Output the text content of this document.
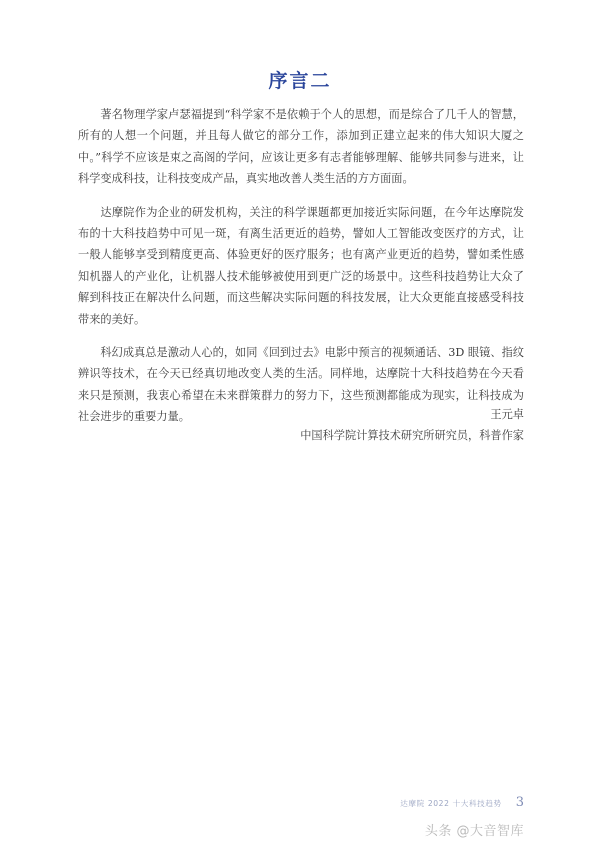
序言二

著名物理学家卢瑟福提到“科学家不是依赖于个人的思想，而是综合了几千人的智慧，所有的人想一个问题，并且每人做它的部分工作，添加到正建立起来的伟大知识大厦之中。”科学不应该是束之高阁的学问，应该让更多有志者能够理解、能够共同参与进来，让科学变成科技，让科技变成产品，真实地改善人类生活的方方面面。

达摩院作为企业的研发机构，关注的科学课题都更加接近实际问题，在今年达摩院发布的十大科技趋势中可见一斑，有离生活更近的趋势，譬如人工智能改变医疗的方式，让一般人能够享受到精度更高、体验更好的医疗服务；也有离产业更近的趋势，譬如柔性感知机器人的产业化，让机器人技术能够被使用到更广泛的场景中。这些科技趋势让大众了解到科技正在解决什么问题，而这些解决实际问题的科技发展，让大众更能直接感受科技带来的美好。

科幻成真总是激动人心的，如同《回到过去》电影中预言的视频通话、3D 眼镜、指纹辨识等技术，在今天已经真切地改变人类的生活。同样地，达摩院十大科技趋势在今天看来只是预测，我衷心希望在未来群策群力的努力下，这些预测都能成为现实，让科技成为社会进步的重要力量。	王元卓
中国科学院计算技术研究所研究员，科普作家
达摩院 2022 十大科技趋势 3
头条 @大音智库
